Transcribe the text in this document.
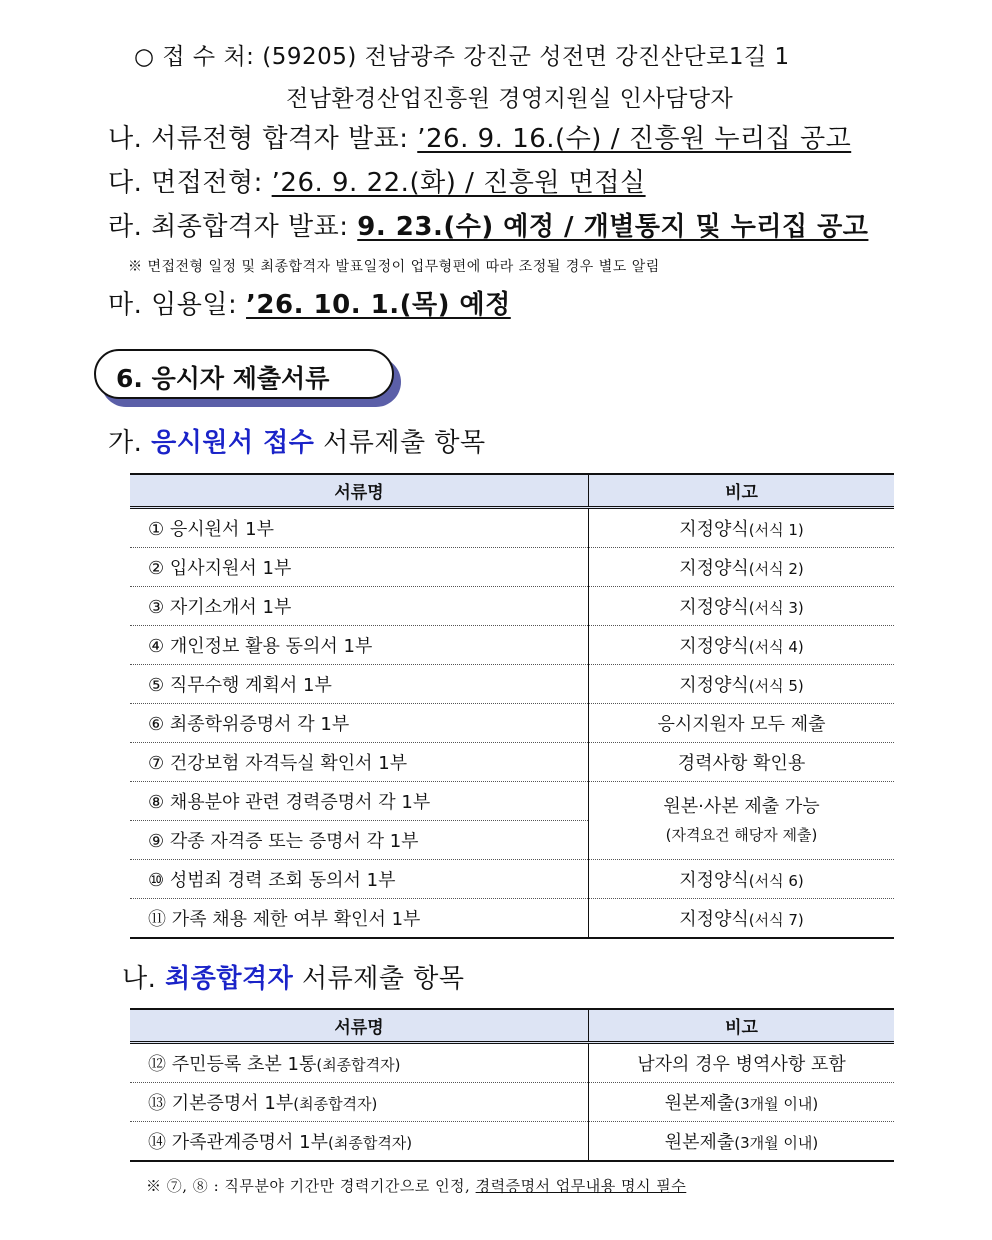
○ 접 수 처: (59205) 전남광주 강진군 성전면 강진산단로1길 1
전남환경산업진흥원 경영지원실 인사담당자
나. 서류전형 합격자 발표: ’26. 9. 16.(수) / 진흥원 누리집 공고
다. 면접전형: ’26. 9. 22.(화) / 진흥원 면접실
라. 최종합격자 발표: 9. 23.(수) 예정 / 개별통지 및 누리집 공고
※ 면접전형 일정 및 최종합격자 발표일정이 업무형편에 따라 조정될 경우 별도 알림
마. 임용일: ’26. 10. 1.(목) 예정
6. 응시자 제출서류
가. 응시원서 접수 서류제출 항목
서류명	비고
① 응시원서 1부	지정양식(서식 1)
② 입사지원서 1부	지정양식(서식 2)
③ 자기소개서 1부	지정양식(서식 3)
④ 개인정보 활용 동의서 1부	지정양식(서식 4)
⑤ 직무수행 계획서 1부	지정양식(서식 5)
⑥ 최종학위증명서 각 1부	응시지원자 모두 제출
⑦ 건강보험 자격득실 확인서 1부	경력사항 확인용
⑧ 채용분야 관련 경력증명서 각 1부	원본·사본 제출 가능
(자격요건 해당자 제출)

⑨ 각종 자격증 또는 증명서 각 1부	
⑩ 성범죄 경력 조회 동의서 1부	지정양식(서식 6)
⑪ 가족 채용 제한 여부 확인서 1부	지정양식(서식 7)
나. 최종합격자 서류제출 항목
서류명	비고
⑫ 주민등록 초본 1통(최종합격자)	남자의 경우 병역사항 포함
⑬ 기본증명서 1부(최종합격자)	원본제출(3개월 이내)
⑭ 가족관계증명서 1부(최종합격자)	원본제출(3개월 이내)
※ ⑦, ⑧ : 직무분야 기간만 경력기간으로 인정, 경력증명서 업무내용 명시 필수
